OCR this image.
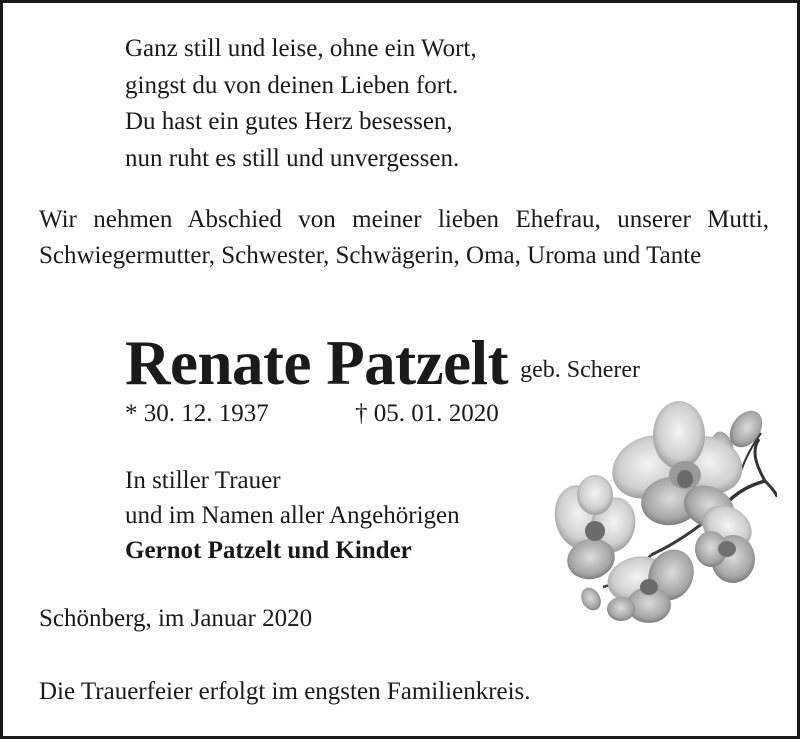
Ganz still und leise, ohne ein Wort,
gingst du von deinen Lieben fort.
Du hast ein gutes Herz besessen,
nun ruht es still und unvergessen.
Wir nehmen Abschied von meiner lieben Ehefrau, unserer Mutti, Schwiegermutter, Schwester, Schwägerin, Oma, Uroma und Tante
Renate Patzelt geb. Scherer
* 30. 12. 1937	† 05. 01. 2020
In stiller Trauer
und im Namen aller Angehörigen
Gernot Patzelt und Kinder
Schönberg, im Januar 2020
Die Trauerfeier erfolgt im engsten Familienkreis.
